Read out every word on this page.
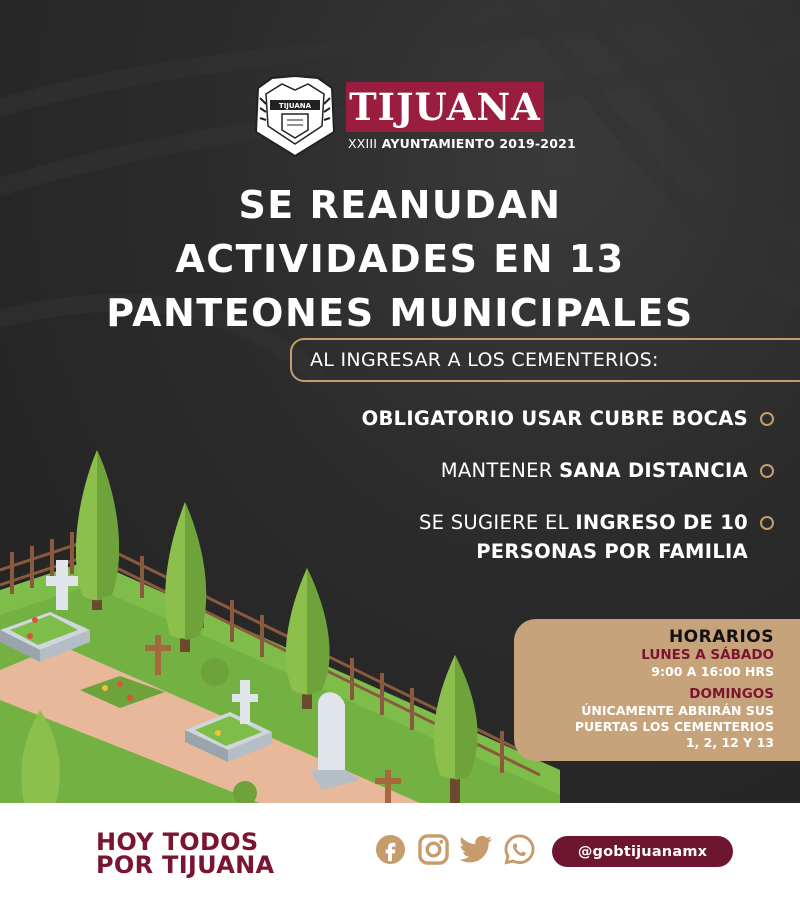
TIJUANA TIJUANA
XXIII AYUNTAMIENTO 2019-2021
SE REANUDAN
ACTIVIDADES EN 13
PANTEONES MUNICIPALES
AL INGRESAR A LOS CEMENTERIOS:
OBLIGATORIO USAR CUBRE BOCAS
MANTENER SANA DISTANCIA
SE SUGIERE EL INGRESO DE 10 PERSONAS POR FAMILIA
HORARIOS
LUNES A SÁBADO
9:00 A 16:00 HRS
DOMINGOS
ÚNICAMENTE ABRIRÁN SUS
PUERTAS LOS CEMENTERIOS
1, 2, 12 Y 13
HOY TODOS
POR TIJUANA	@gobtijuanamx
